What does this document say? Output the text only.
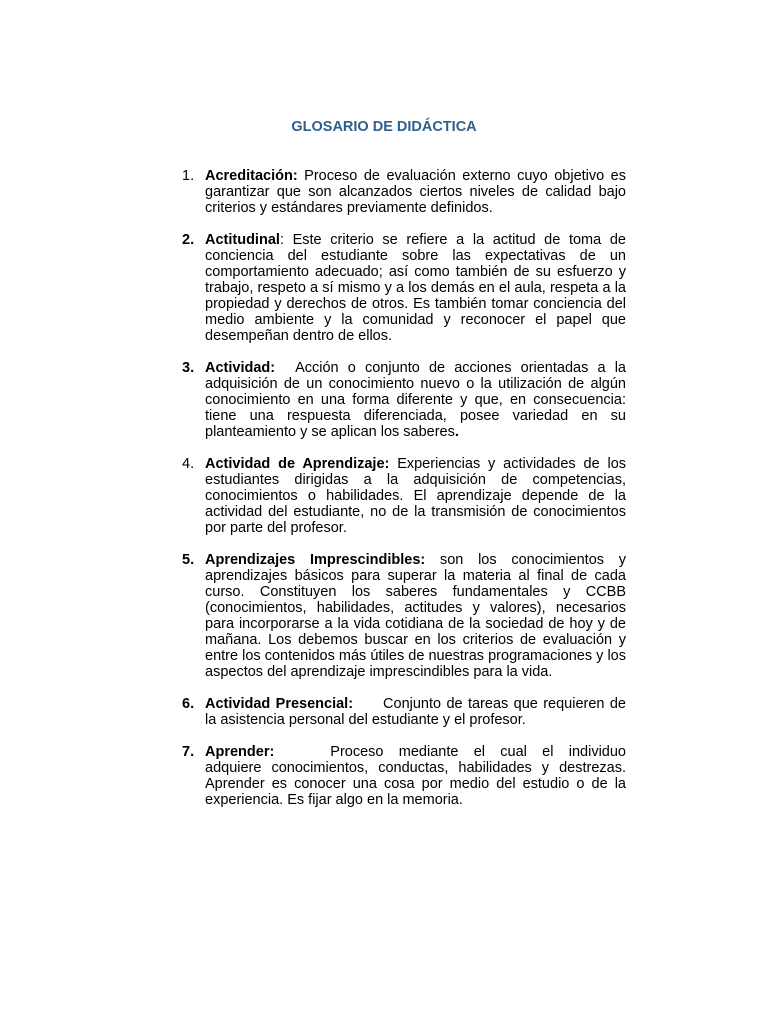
GLOSARIO DE DIDÁCTICA
1. Acreditación: Proceso de evaluación externo cuyo objetivo es garantizar que son alcanzados ciertos niveles de calidad bajo criterios y estándares previamente definidos.
2. Actitudinal: Este criterio se refiere a la actitud de toma de conciencia del estudiante sobre las expectativas de un comportamiento adecuado; así como también de su esfuerzo y trabajo, respeto a sí mismo y a los demás en el aula, respeta a la propiedad y derechos de otros. Es también tomar conciencia del medio ambiente y la comunidad y reconocer el papel que desempeñan dentro de ellos.
3. Actividad: Acción o conjunto de acciones orientadas a la adquisición de un conocimiento nuevo o la utilización de algún conocimiento en una forma diferente y que, en consecuencia: tiene una respuesta diferenciada, posee variedad en su planteamiento y se aplican los saberes.
4. Actividad de Aprendizaje: Experiencias y actividades de los estudiantes dirigidas a la adquisición de competencias, conocimientos o habilidades. El aprendizaje depende de la actividad del estudiante, no de la transmisión de conocimientos por parte del profesor.
5. Aprendizajes Imprescindibles: son los conocimientos y aprendizajes básicos para superar la materia al final de cada curso. Constituyen los saberes fundamentales y CCBB (conocimientos, habilidades, actitudes y valores), necesarios para incorporarse a la vida cotidiana de la sociedad de hoy y de mañana. Los debemos buscar en los criterios de evaluación y entre los contenidos más útiles de nuestras programaciones y los aspectos del aprendizaje imprescindibles para la vida.
6. Actividad Presencial: Conjunto de tareas que requieren de la asistencia personal del estudiante y el profesor.
7. Aprender:	Proceso mediante el cual el individuo adquiere conocimientos, conductas, habilidades y destrezas. Aprender es conocer una cosa por medio del estudio o de la experiencia. Es fijar algo en la memoria.
